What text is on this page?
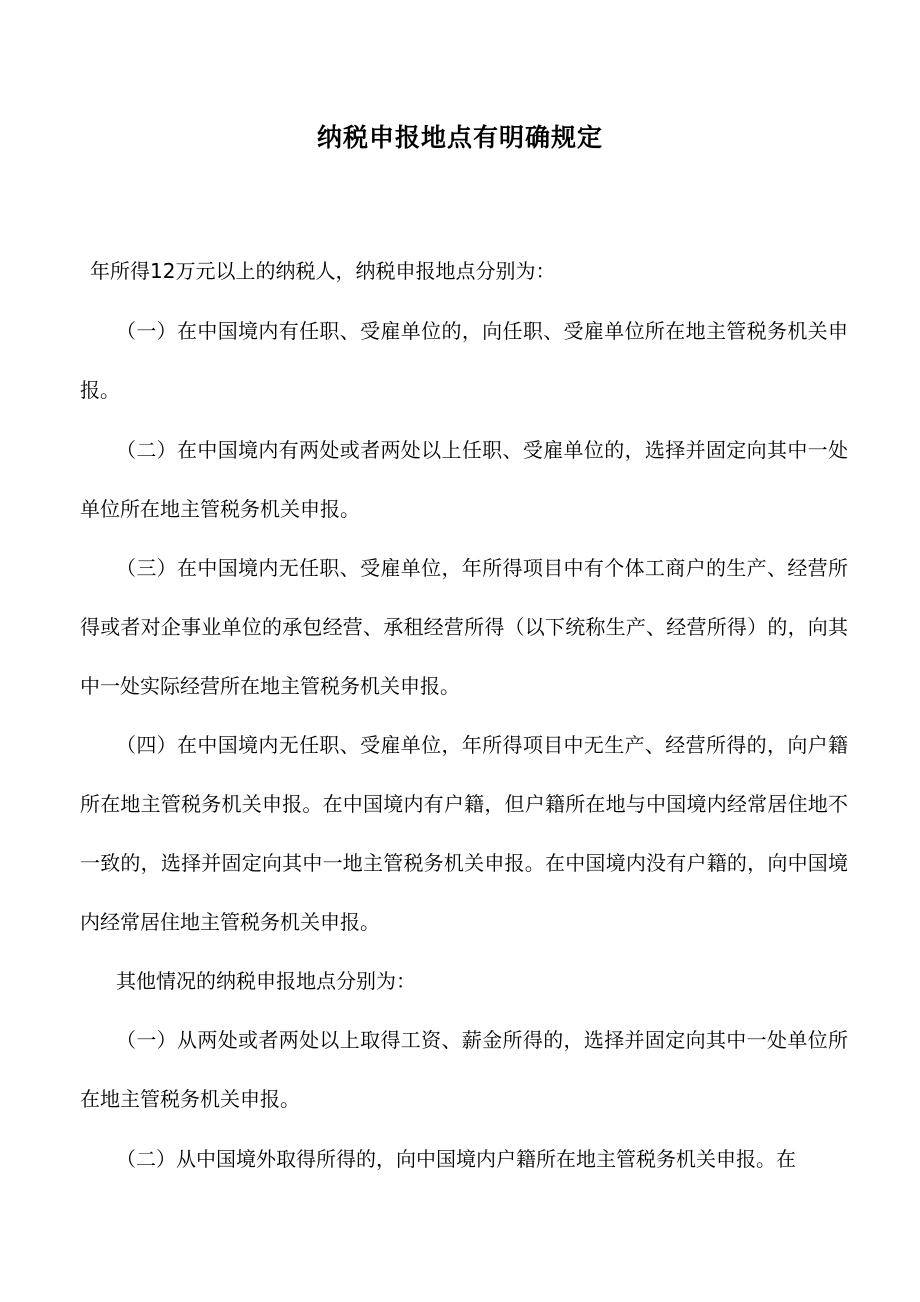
纳税申报地点有明确规定

年所得12万元以上的纳税人，纳税申报地点分别为：

（一）在中国境内有任职、受雇单位的，向任职、受雇单位所在地主管税务机关申报。

（二）在中国境内有两处或者两处以上任职、受雇单位的，选择并固定向其中一处单位所在地主管税务机关申报。

（三）在中国境内无任职、受雇单位，年所得项目中有个体工商户的生产、经营所得或者对企事业单位的承包经营、承租经营所得（以下统称生产、经营所得）的，向其中一处实际经营所在地主管税务机关申报。

（四）在中国境内无任职、受雇单位，年所得项目中无生产、经营所得的，向户籍所在地主管税务机关申报。在中国境内有户籍，但户籍所在地与中国境内经常居住地不一致的，选择并固定向其中一地主管税务机关申报。在中国境内没有户籍的，向中国境内经常居住地主管税务机关申报。

其他情况的纳税申报地点分别为：

（一）从两处或者两处以上取得工资、薪金所得的，选择并固定向其中一处单位所在地主管税务机关申报。

（二）从中国境外取得所得的，向中国境内户籍所在地主管税务机关申报。在
